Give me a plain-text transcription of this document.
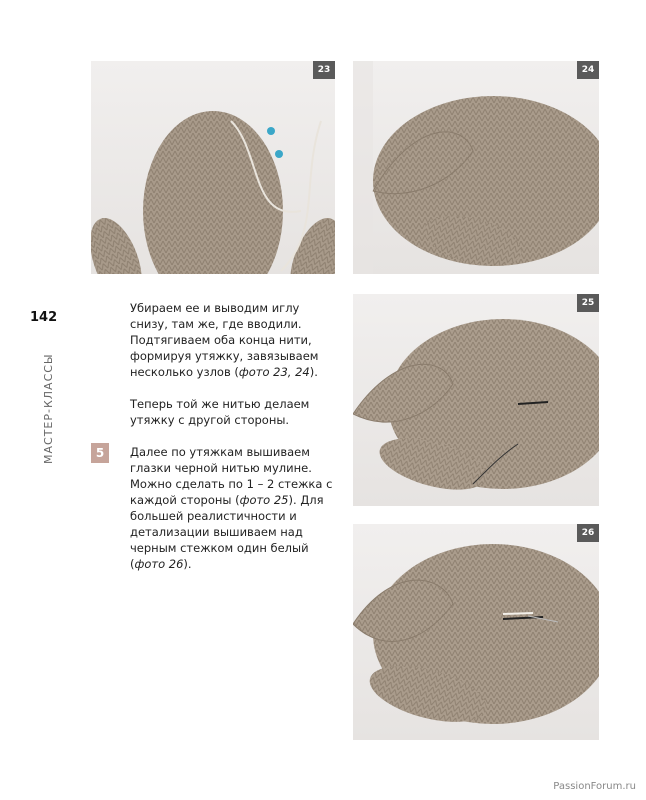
142
МАСТЕР-КЛАССЫ	5

Убираем ее и выводим иглу снизу, там же, где вводили. Подтягиваем оба конца нити, формируя утяжку, завязываем несколько узлов (фото 23, 24).

Теперь той же нитью делаем утяжку с другой стороны.

Далее по утяжкам вышиваем глазки черной нитью мулине. Можно сделать по 1 – 2 стежка с каждой стороны (фото 25). Для большей реалистичности и детализации вышиваем над черным стежком один белый (фото 26).

23	24
25
26
PassionForum.ru
